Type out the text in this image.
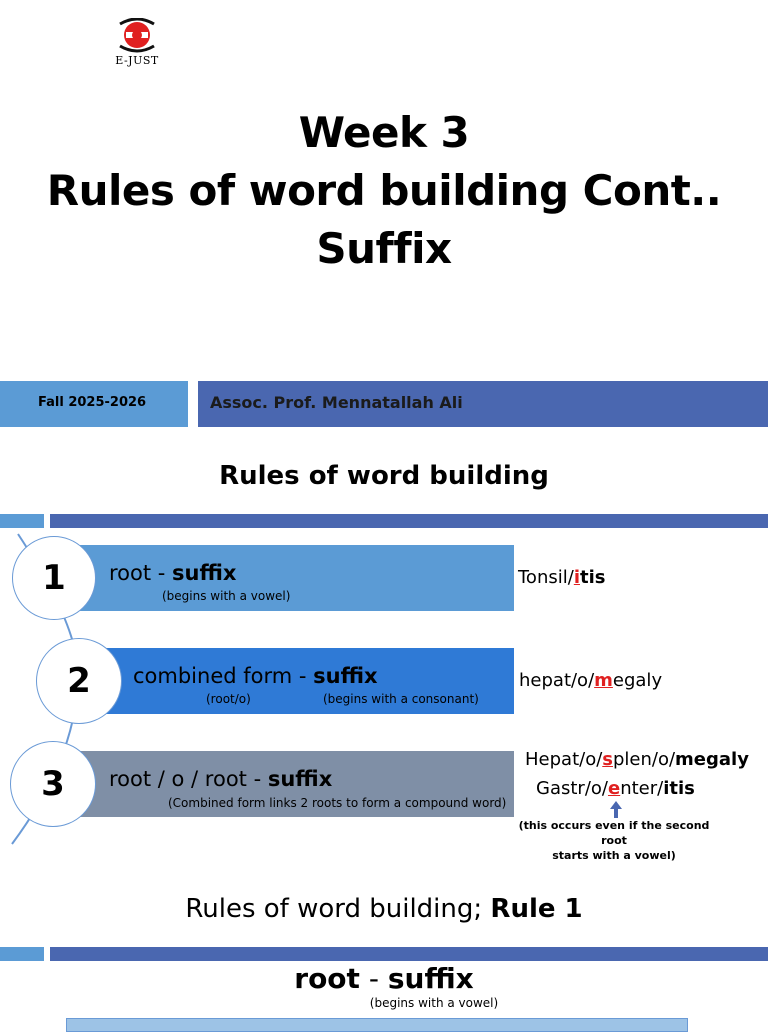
E-JUST
Week 3
Rules of word building Cont..
Suffix
Fall 2025-2026	Assoc. Prof. Mennatallah Ali
Rules of word building
root - suffix
(begins with a vowel)
1	Tonsil/itis
combined form - suffix
(root/o)	(begins with a consonant)
2	hepat/o/megaly
root / o / root - suffix
(Combined form links 2 roots to form a compound word)
3
Hepat/o/splen/o/megaly
Gastr/o/enter/itis
(this occurs even if the second root
starts with a vowel)
Rules of word building; Rule 1
root - suffix
(begins with a vowel)
